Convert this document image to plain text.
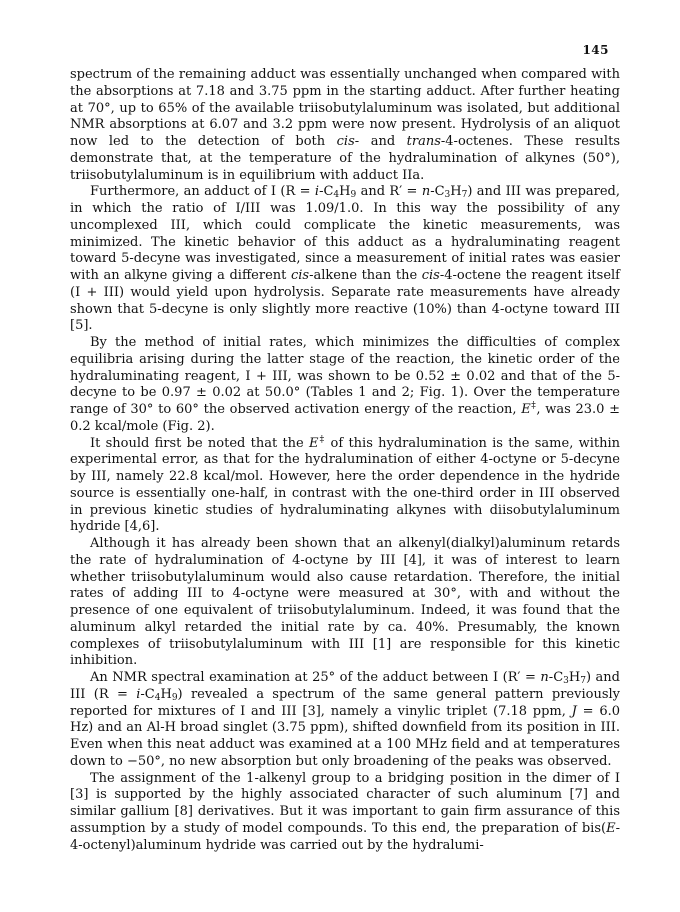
145

spectrum of the remaining adduct was essentially unchanged when compared with the absorptions at 7.18 and 3.75 ppm in the starting adduct. After further heating at 70°, up to 65% of the available triisobutylaluminum was isolated, but additional NMR absorptions at 6.07 and 3.2 ppm were now present. Hydrolysis of an aliquot now led to the detection of both cis- and trans-4-octenes. These results demonstrate that, at the temperature of the hydralumination of alkynes (50°), triisobutylaluminum is in equilibrium with adduct IIa.

Furthermore, an adduct of I ($R = i-C_4H_9$ and $R' = n-C_3H_7$) and III was prepared, in which the ratio of I/III was 1.09/1.0. In this way the possibility of any uncomplexed III, which could complicate the kinetic measurements, was minimized. The kinetic behavior of this adduct as a hydraluminating reagent toward 5-decyne was investigated, since a measurement of initial rates was easier with an alkyne giving a different cis-alkene than the cis-4-octene the reagent itself (I + III) would yield upon hydrolysis. Separate rate measurements have already shown that 5-decyne is only slightly more reactive (10%) than 4-octyne toward III [5].

By the method of initial rates, which minimizes the difficulties of complex equilibria arising during the latter stage of the reaction, the kinetic order of the hydraluminating reagent, I + III, was shown to be 0.52 ± 0.02 and that of the 5-decyne to be 0.97 ± 0.02 at 50.0° (Tables 1 and 2; Fig. 1). Over the temperature range of 30° to 60° the observed activation energy of the reaction, E‡, was 23.0 ± 0.2 kcal/mole (Fig. 2).

It should first be noted that the E‡ of this hydralumination is the same, within experimental error, as that for the hydralumination of either 4-octyne or 5-decyne by III, namely 22.8 kcal/mol. However, here the order dependence in the hydride source is essentially one-half, in contrast with the one-third order in III observed in previous kinetic studies of hydraluminating alkynes with diisobutylaluminum hydride [4,6].

Although it has already been shown that an alkenyl(dialkyl)aluminum retards the rate of hydralumination of 4-octyne by III [4], it was of interest to learn whether triisobutylaluminum would also cause retardation. Therefore, the initial rates of adding III to 4-octyne were measured at 30°, with and without the presence of one equivalent of triisobutylaluminum. Indeed, it was found that the aluminum alkyl retarded the initial rate by ca. 40%. Presumably, the known complexes of triisobutylaluminum with III [1] are responsible for this kinetic inhibition.

An NMR spectral examination at 25° of the adduct between I $(R' = n-C_3H_7)$ and III $(R = i-C_4H_9)$ revealed a spectrum of the same general pattern previously reported for mixtures of I and III [3], namely a vinylic triplet (7.18 ppm, J = 6.0 Hz) and an Al-H broad singlet (3.75 ppm), shifted downfield from its position in III. Even when this neat adduct was examined at a 100 MHz field and at temperatures down to −50°, no new absorption but only broadening of the peaks was observed.

The assignment of the 1-alkenyl group to a bridging position in the dimer of I [3] is supported by the highly associated character of such aluminum [7] and similar gallium [8] derivatives. But it was important to gain firm assurance of this assumption by a study of model compounds. To this end, the preparation of bis(E-4-octenyl)aluminum hydride was carried out by the hydralumi-
